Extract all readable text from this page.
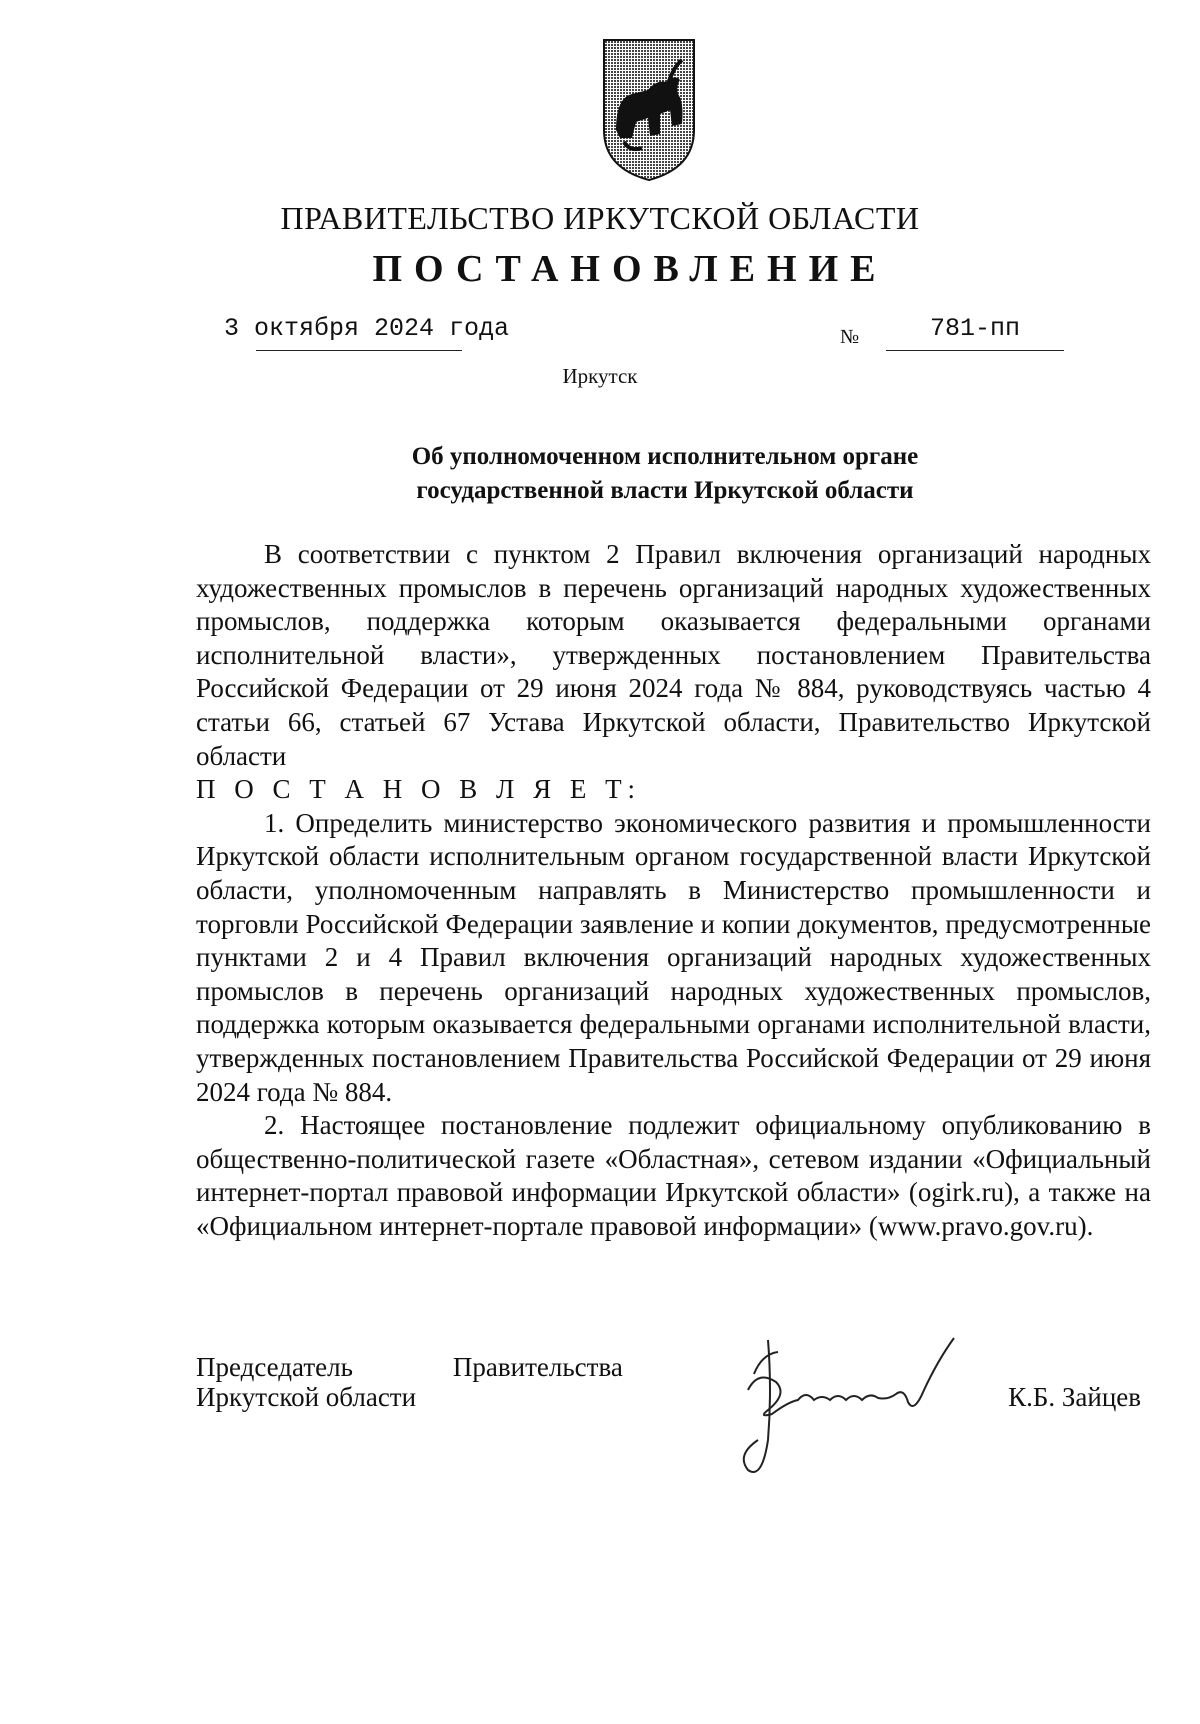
ПРАВИТЕЛЬСТВО ИРКУТСКОЙ ОБЛАСТИ
ПОСТАНОВЛЕНИЕ
3 октября 2024 года	№	781-пп
Иркутск
Об уполномоченном исполнительном органе
государственной власти Иркутской области

В соответствии с пунктом 2 Правил включения организаций народных художественных промыслов в перечень организаций народных художественных промыслов, поддержка которым оказывается федеральными органами исполнительной власти», утвержденных постановлением Правительства Российской Федерации от 29 июня 2024 года № 884, руководствуясь частью 4 статьи 66, статьей 67 Устава Иркутской области, Правительство Иркутской области

П О С Т А Н О В Л Я Е Т:

1. Определить министерство экономического развития и промышленности Иркутской области исполнительным органом государственной власти Иркутской области, уполномоченным направлять в Министерство промышленности и торговли Российской Федерации заявление и копии документов, предусмотренные пунктами 2 и 4 Правил включения организаций народных художественных промыслов в перечень организаций народных художественных промыслов, поддержка которым оказывается федеральными органами исполнительной власти, утвержденных постановлением Правительства Российской Федерации от 29 июня 2024 года № 884.

2. Настоящее постановление подлежит официальному опубликованию в общественно-политической газете «Областная», сетевом издании «Официальный интернет-портал правовой информации Иркутской области» (ogirk.ru), а также на «Официальном интернет-портале правовой информации» (www.pravo.gov.ru).

Председатель	Правительства
Иркутской области	К.Б. Зайцев
